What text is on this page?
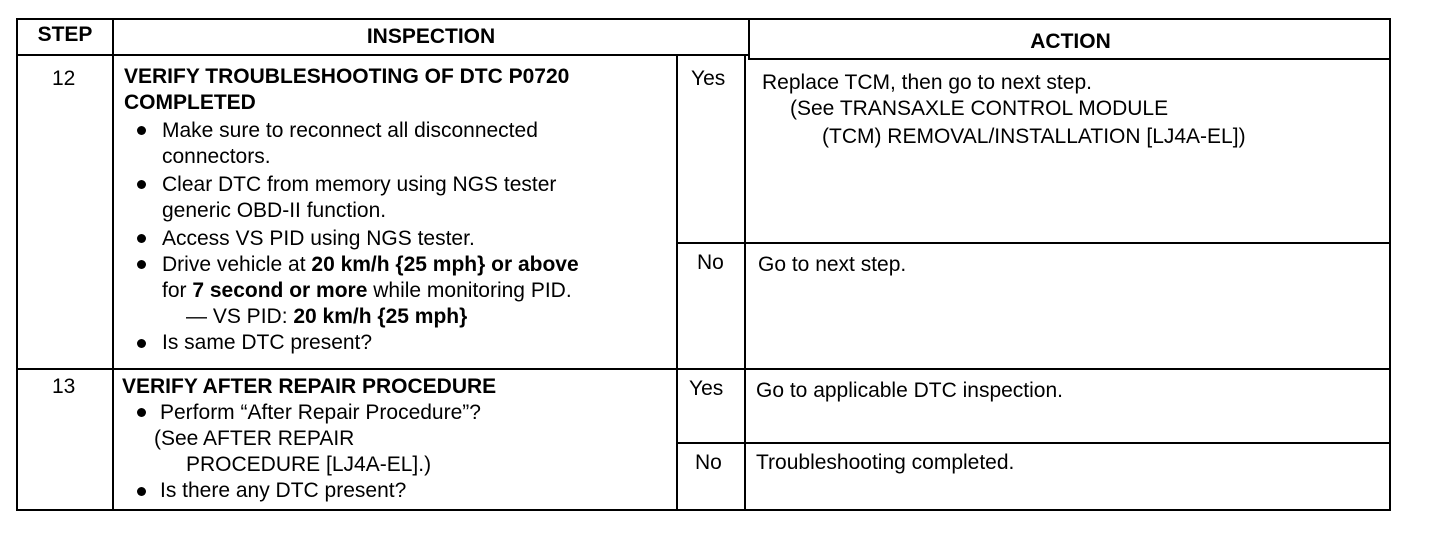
STEP	INSPECTION	ACTION
12 VERIFY TROUBLESHOOTING OF DTC P0720
COMPLETED
Make sure to reconnect all disconnected
connectors.
Clear DTC from memory using NGS tester
generic OBD-II function.
Access VS PID using NGS tester.
Drive vehicle at 20 km/h {25 mph} or above
for 7 second or more while monitoring PID.
— VS PID: 20 km/h {25 mph}
Is same DTC present?
Yes Replace TCM, then go to next step.
(See TRANSAXLE CONTROL MODULE
(TCM) REMOVAL/INSTALLATION [LJ4A-EL])
No Go to next step.
13 VERIFY AFTER REPAIR PROCEDURE
Perform “After Repair Procedure”?
(See AFTER REPAIR
PROCEDURE [LJ4A-EL].)
Is there any DTC present?
Yes Go to applicable DTC inspection.
No Troubleshooting completed.
